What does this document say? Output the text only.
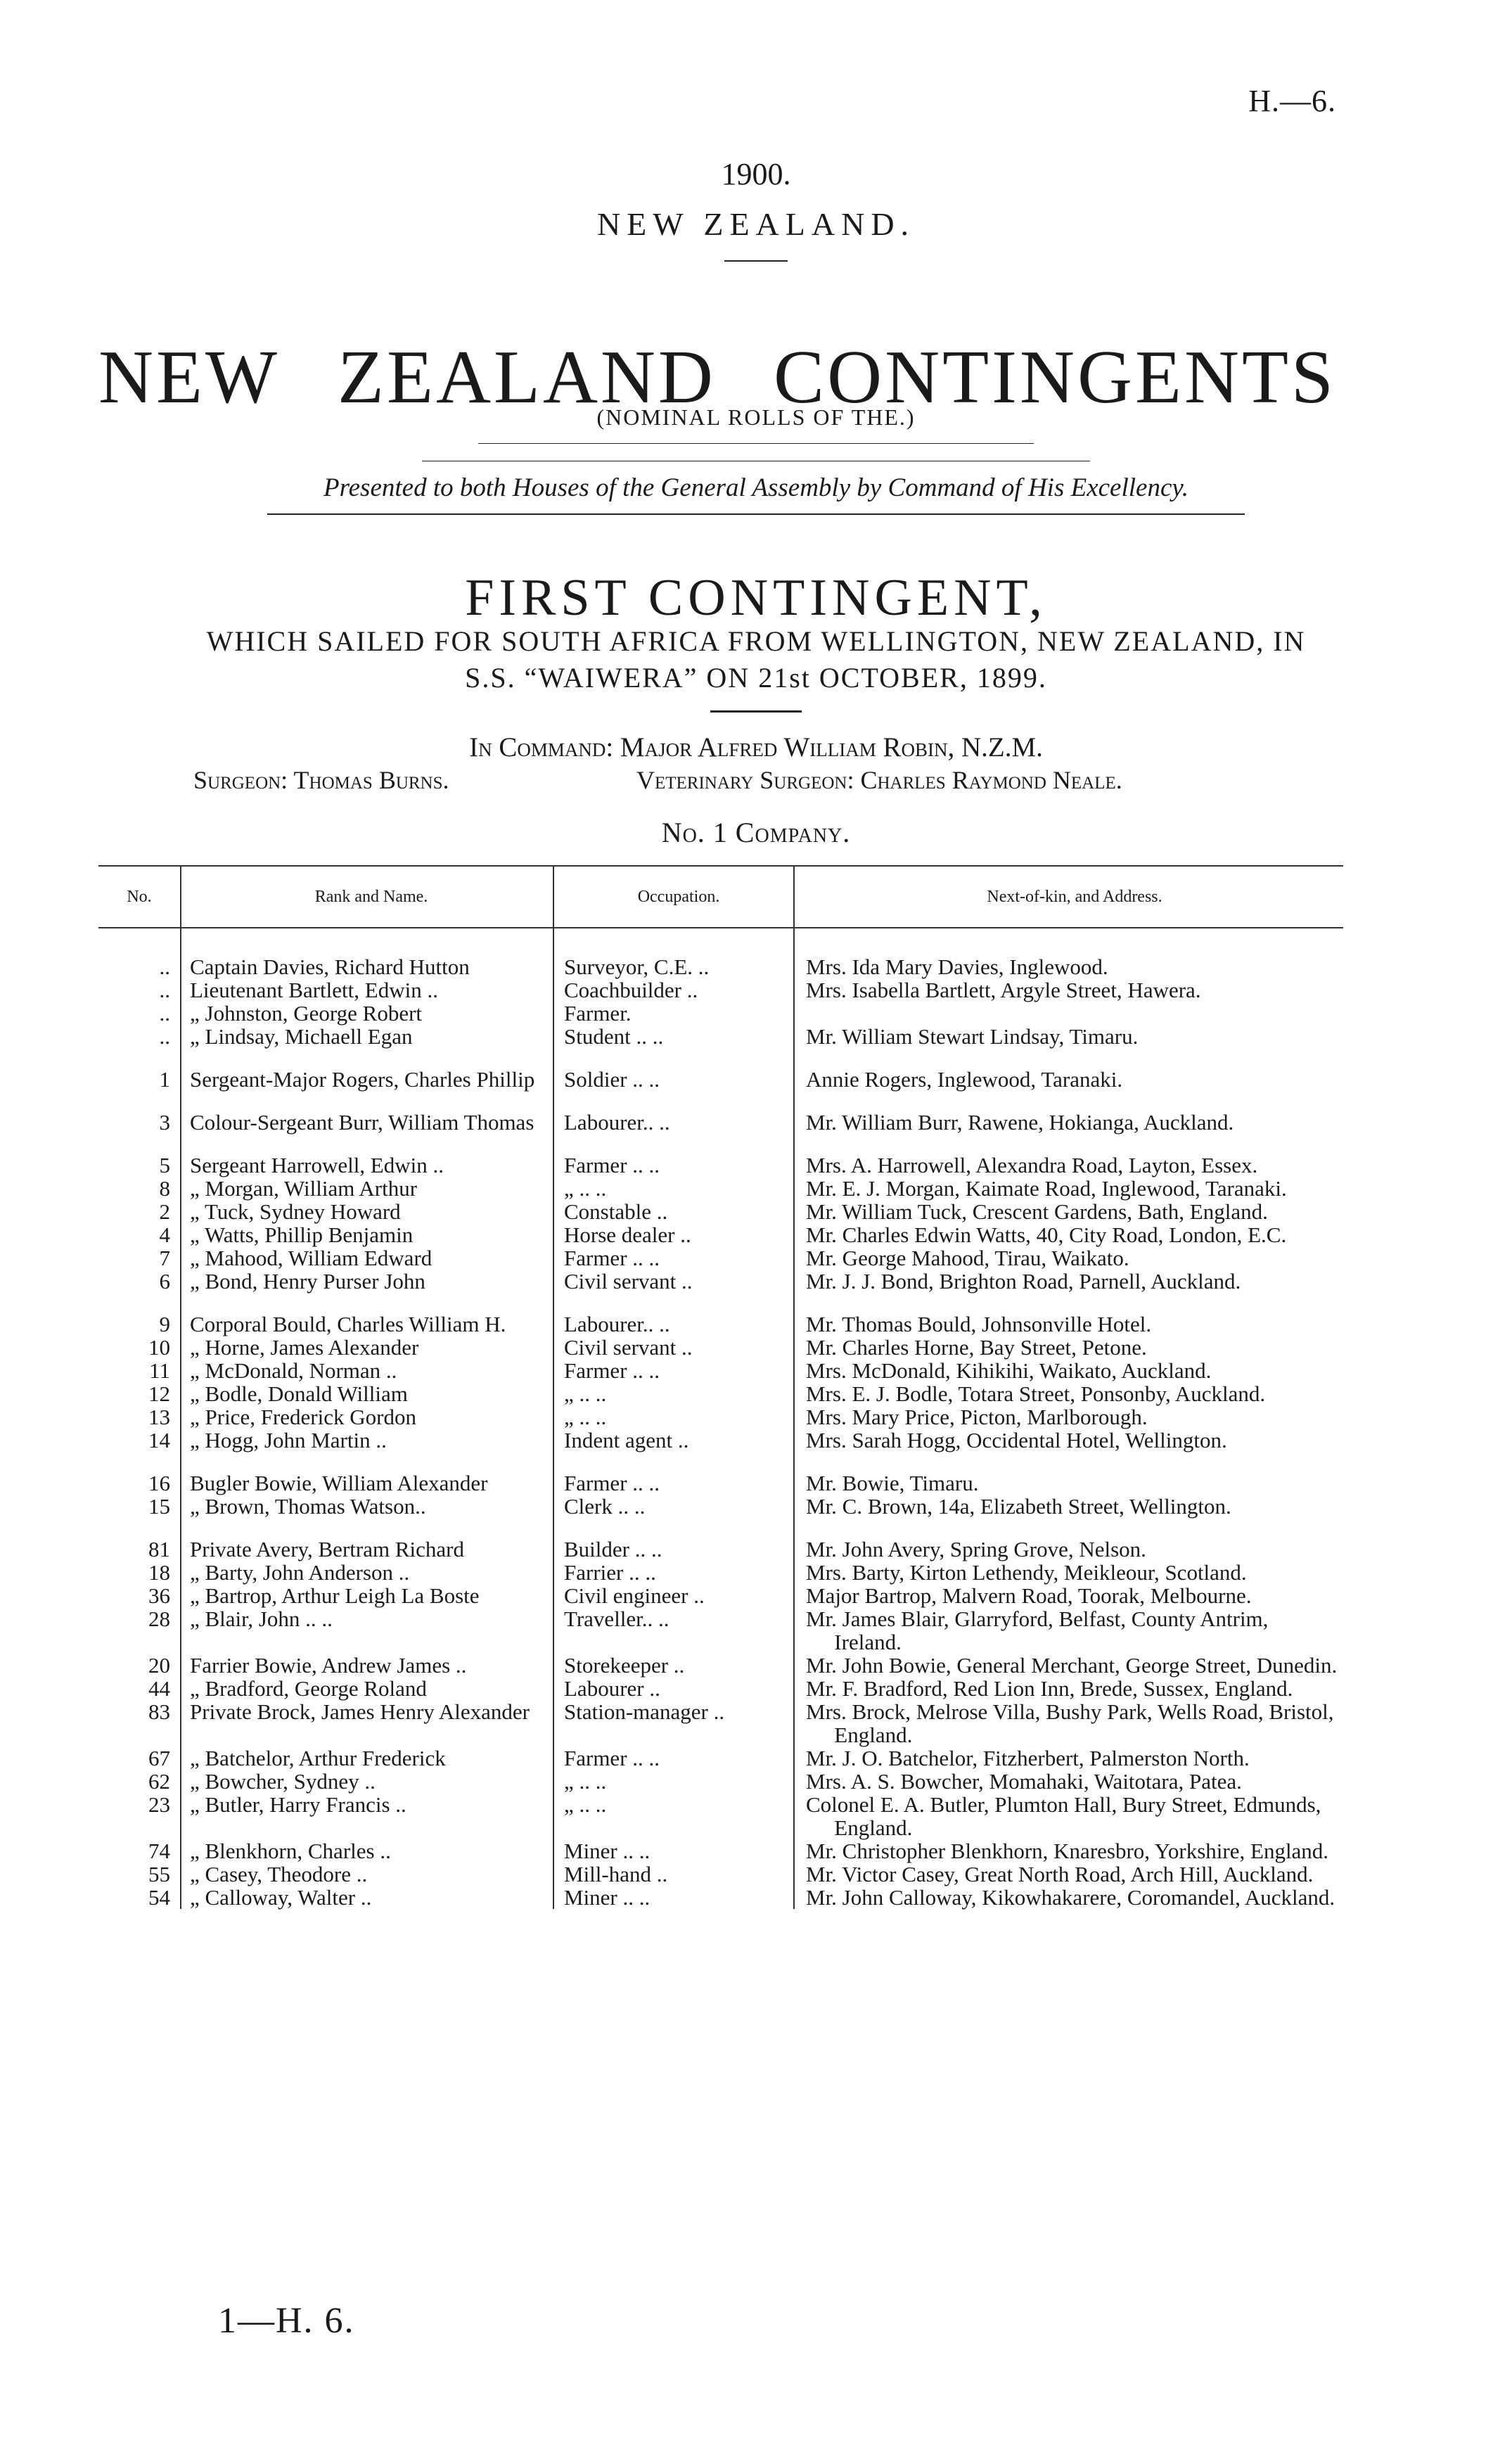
H.—6.
1900.
NEW ZEALAND.
NEW ZEALAND CONTINGENTS
(NOMINAL ROLLS OF THE.)
Presented to both Houses of the General Assembly by Command of His Excellency.
FIRST CONTINGENT,
WHICH SAILED FOR SOUTH AFRICA FROM WELLINGTON, NEW ZEALAND, IN
S.S. “WAIWERA” ON 21st OCTOBER, 1899.
In Command: Major Alfred William Robin, N.Z.M.
Surgeon: Thomas Burns.	Veterinary Surgeon: Charles Raymond Neale.
No. 1 Company.
No.	Rank and Name.	Occupation.	Next-of-kin, and Address.
..	Captain Davies, Richard Hutton	Surveyor, C.E. ..	Mrs. Ida Mary Davies, Inglewood.

..	Lieutenant Bartlett, Edwin ..	Coachbuilder ..	Mrs. Isabella Bartlett, Argyle Street, Hawera.

..	„ Johnston, George Robert	Farmer.	

..	„ Lindsay, Michaell Egan	Student .. ..	Mr. William Stewart Lindsay, Timaru.

1	Sergeant-Major Rogers, Charles Phillip	Soldier .. ..	Annie Rogers, Inglewood, Taranaki.

3	Colour-Sergeant Burr, William Thomas	Labourer.. ..	Mr. William Burr, Rawene, Hokianga, Auckland.

5	Sergeant Harrowell, Edwin ..	Farmer .. ..	Mrs. A. Harrowell, Alexandra Road, Layton, Essex.

8	„ Morgan, William Arthur	„ .. ..	Mr. E. J. Morgan, Kaimate Road, Inglewood, Taranaki.

2	„ Tuck, Sydney Howard	Constable ..	Mr. William Tuck, Crescent Gardens, Bath, England.

4	„ Watts, Phillip Benjamin	Horse dealer ..	Mr. Charles Edwin Watts, 40, City Road, London, E.C.

7	„ Mahood, William Edward	Farmer .. ..	Mr. George Mahood, Tirau, Waikato.

6	„ Bond, Henry Purser John	Civil servant ..	Mr. J. J. Bond, Brighton Road, Parnell, Auckland.

9	Corporal Bould, Charles William H.	Labourer.. ..	Mr. Thomas Bould, Johnsonville Hotel.

10	„ Horne, James Alexander	Civil servant ..	Mr. Charles Horne, Bay Street, Petone.

11	„ McDonald, Norman ..	Farmer .. ..	Mrs. McDonald, Kihikihi, Waikato, Auckland.

12	„ Bodle, Donald William	„ .. ..	Mrs. E. J. Bodle, Totara Street, Ponsonby, Auckland.

13	„ Price, Frederick Gordon	„ .. ..	Mrs. Mary Price, Picton, Marlborough.

14	„ Hogg, John Martin ..	Indent agent ..	Mrs. Sarah Hogg, Occidental Hotel, Wellington.

16	Bugler Bowie, William Alexander	Farmer .. ..	Mr. Bowie, Timaru.

15	„ Brown, Thomas Watson..	Clerk .. ..	Mr. C. Brown, 14a, Elizabeth Street, Wellington.

81	Private Avery, Bertram Richard	Builder .. ..	Mr. John Avery, Spring Grove, Nelson.

18	„ Barty, John Anderson ..	Farrier .. ..	Mrs. Barty, Kirton Lethendy, Meikleour, Scotland.

36	„ Bartrop, Arthur Leigh La Boste	Civil engineer ..	Major Bartrop, Malvern Road, Toorak, Melbourne.

28	„ Blair, John .. ..	Traveller.. ..	Mr. James Blair, Glarryford, Belfast, County Antrim, Ireland.

20	Farrier Bowie, Andrew James ..	Storekeeper ..	Mr. John Bowie, General Merchant, George Street, Dunedin.

44	„ Bradford, George Roland	Labourer ..	Mr. F. Bradford, Red Lion Inn, Brede, Sussex, England.

83	Private Brock, James Henry Alexander	Station-manager ..	Mrs. Brock, Melrose Villa, Bushy Park, Wells Road, Bristol, England.

67	„ Batchelor, Arthur Frederick	Farmer .. ..	Mr. J. O. Batchelor, Fitzherbert, Palmerston North.

62	„ Bowcher, Sydney ..	„ .. ..	Mrs. A. S. Bowcher, Momahaki, Waitotara, Patea.

23	„ Butler, Harry Francis ..	„ .. ..	Colonel E. A. Butler, Plumton Hall, Bury Street, Edmunds, England.

74	„ Blenkhorn, Charles ..	Miner .. ..	Mr. Christopher Blenkhorn, Knaresbro, Yorkshire, England.

55	„ Casey, Theodore ..	Mill-hand ..	Mr. Victor Casey, Great North Road, Arch Hill, Auckland.

54	„ Calloway, Walter ..	Miner .. ..	Mr. John Calloway, Kikowhakarere, Coromandel, Auckland.
1—H. 6.
